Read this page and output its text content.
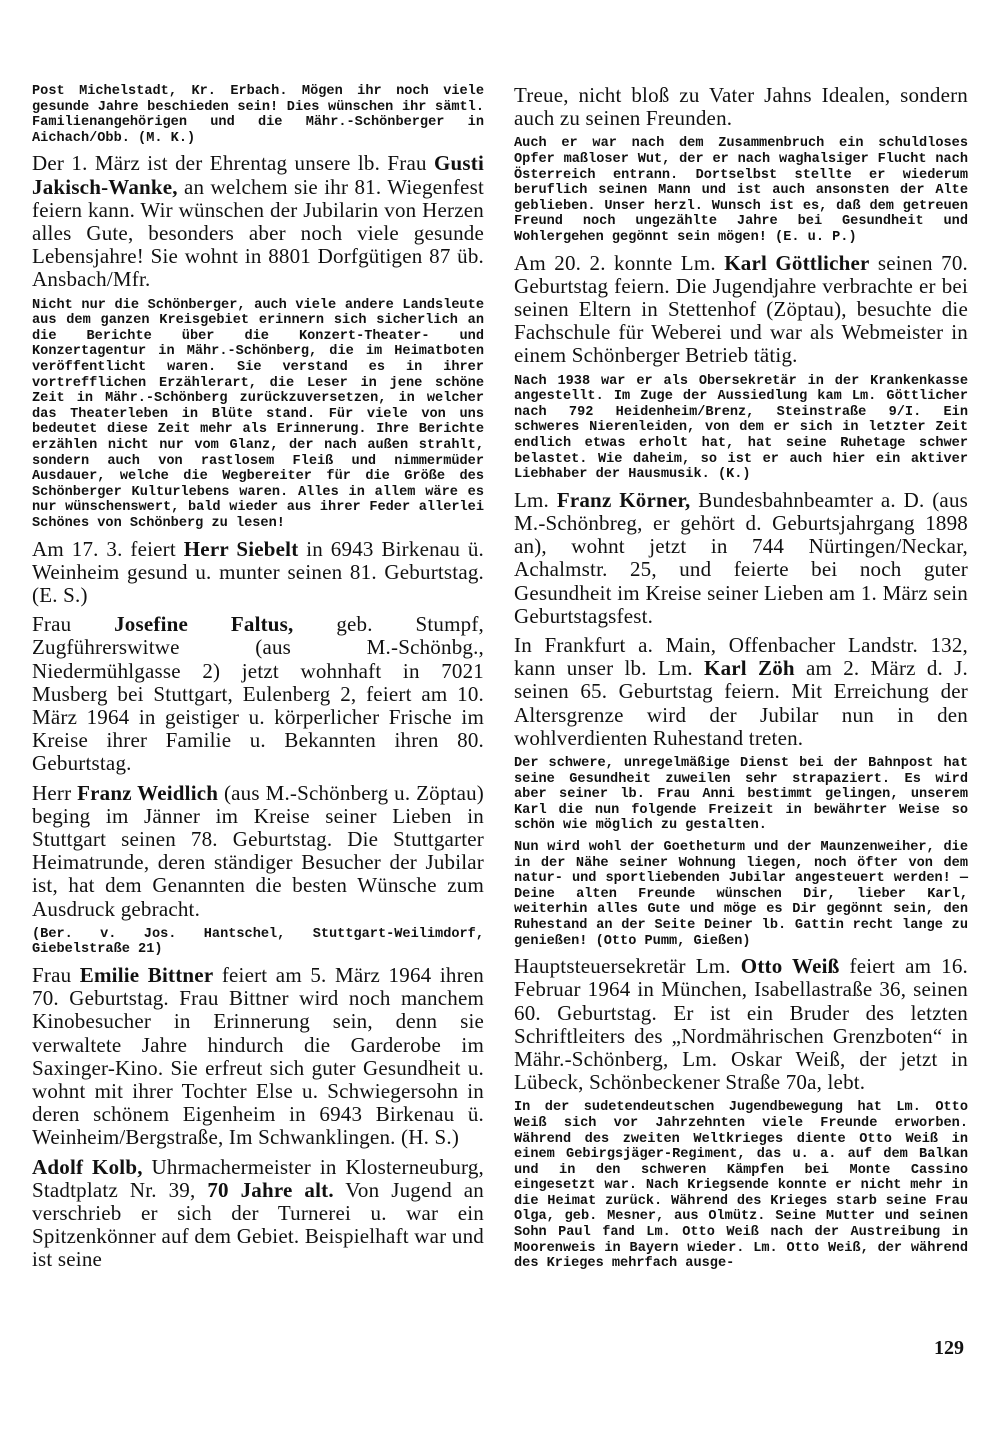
Post Michelstadt, Kr. Erbach. Mögen ihr noch viele gesunde Jahre beschieden sein! Dies wünschen ihr sämtl. Familienangehörigen und die Mähr.-Schönberger in Aichach/Obb. (M. K.)

Der 1. März ist der Ehrentag unsere lb. Frau Gusti Jakisch-Wanke, an welchem sie ihr 81. Wiegenfest feiern kann. Wir wünschen der Jubilarin von Herzen alles Gute, besonders aber noch viele gesunde Lebensjahre! Sie wohnt in 8801 Dorfgütigen 87 üb. Ansbach/Mfr.

Nicht nur die Schönberger, auch viele andere Landsleute aus dem ganzen Kreisgebiet erinnern sich sicherlich an die Berichte über die Konzert-Theater- und Konzertagentur in Mähr.-Schönberg, die im Heimatboten veröffentlicht waren. Sie verstand es in ihrer vortrefflichen Erzählerart, die Leser in jene schöne Zeit in Mähr.-Schönberg zurückzuversetzen, in welcher das Theaterleben in Blüte stand. Für viele von uns bedeutet diese Zeit mehr als Erinnerung. Ihre Berichte erzählen nicht nur vom Glanz, der nach außen strahlt, sondern auch von rastlosem Fleiß und nimmermüder Ausdauer, welche die Wegbereiter für die Größe des Schönberger Kulturlebens waren. Alles in allem wäre es nur wünschenswert, bald wieder aus ihrer Feder allerlei Schönes von Schönberg zu lesen!

Am 17. 3. feiert Herr Siebelt in 6943 Birkenau ü. Weinheim gesund u. munter seinen 81. Geburtstag. (E. S.)

Frau Josefine Faltus, geb. Stumpf, Zugführerswitwe (aus M.-Schönbg., Niedermühlgasse 2) jetzt wohnhaft in 7021 Musberg bei Stuttgart, Eulenberg 2, feiert am 10. März 1964 in geistiger u. körperlicher Frische im Kreise ihrer Familie u. Bekannten ihren 80. Geburtstag.

Herr Franz Weidlich (aus M.-Schönberg u. Zöptau) beging im Jänner im Kreise seiner Lieben in Stuttgart seinen 78. Geburtstag. Die Stuttgarter Heimatrunde, deren ständiger Besucher der Jubilar ist, hat dem Genannten die besten Wünsche zum Ausdruck gebracht.

(Ber. v. Jos. Hantschel, Stuttgart-Weilimdorf, Giebelstraße 21)

Frau Emilie Bittner feiert am 5. März 1964 ihren 70. Geburtstag. Frau Bittner wird noch manchem Kinobesucher in Erinnerung sein, denn sie verwaltete Jahre hindurch die Garderobe im Saxinger-Kino. Sie erfreut sich guter Gesundheit u. wohnt mit ihrer Tochter Else u. Schwiegersohn in deren schönem Eigenheim in 6943 Birkenau ü. Weinheim/Bergstraße, Im Schwanklingen. (H. S.)

Adolf Kolb, Uhrmachermeister in Klosterneuburg, Stadtplatz Nr. 39, 70 Jahre alt. Von Jugend an verschrieb er sich der Turnerei u. war ein Spitzenkönner auf dem Gebiet. Beispielhaft war und ist seine

Treue, nicht bloß zu Vater Jahns Idealen, sondern auch zu seinen Freunden.

Auch er war nach dem Zusammenbruch ein schuldloses Opfer maßloser Wut, der er nach waghalsiger Flucht nach Österreich entrann. Dortselbst stellte er wiederum beruflich seinen Mann und ist auch ansonsten der Alte geblieben. Unser herzl. Wunsch ist es, daß dem getreuen Freund noch ungezählte Jahre bei Gesundheit und Wohlergehen gegönnt sein mögen! (E. u. P.)

Am 20. 2. konnte Lm. Karl Göttlicher seinen 70. Geburtstag feiern. Die Jugendjahre verbrachte er bei seinen Eltern in Stettenhof (Zöptau), besuchte die Fachschule für Weberei und war als Webmeister in einem Schönberger Betrieb tätig.

Nach 1938 war er als Obersekretär in der Krankenkasse angestellt. Im Zuge der Aussiedlung kam Lm. Göttlicher nach 792 Heidenheim/Brenz, Steinstraße 9/I. Ein schweres Nierenleiden, von dem er sich in letzter Zeit endlich etwas erholt hat, hat seine Ruhetage schwer belastet. Wie daheim, so ist er auch hier ein aktiver Liebhaber der Hausmusik. (K.)

Lm. Franz Körner, Bundesbahnbeamter a. D. (aus M.-Schönbreg, er gehört d. Geburtsjahrgang 1898 an), wohnt jetzt in 744 Nürtingen/Neckar, Achalmstr. 25, und feierte bei noch guter Gesundheit im Kreise seiner Lieben am 1. März sein Geburtstagsfest.

In Frankfurt a. Main, Offenbacher Landstr. 132, kann unser lb. Lm. Karl Zöh am 2. März d. J. seinen 65. Geburtstag feiern. Mit Erreichung der Altersgrenze wird der Jubilar nun in den wohlverdienten Ruhestand treten.

Der schwere, unregelmäßige Dienst bei der Bahnpost hat seine Gesundheit zuweilen sehr strapaziert. Es wird aber seiner lb. Frau Anni bestimmt gelingen, unserem Karl die nun folgende Freizeit in bewährter Weise so schön wie möglich zu gestalten.

Nun wird wohl der Goetheturm und der Maunzenweiher, die in der Nähe seiner Wohnung liegen, noch öfter von dem natur- und sportliebenden Jubilar angesteuert werden! — Deine alten Freunde wünschen Dir, lieber Karl, weiterhin alles Gute und möge es Dir gegönnt sein, den Ruhestand an der Seite Deiner lb. Gattin recht lange zu genießen! (Otto Pumm, Gießen)

Hauptsteuersekretär Lm. Otto Weiß feiert am 16. Februar 1964 in München, Isabellastraße 36, seinen 60. Geburtstag. Er ist ein Bruder des letzten Schriftleiters des „Nordmährischen Grenzboten“ in Mähr.-Schönberg, Lm. Oskar Weiß, der jetzt in Lübeck, Schönbeckener Straße 70a, lebt.

In der sudetendeutschen Jugendbewegung hat Lm. Otto Weiß sich vor Jahrzehnten viele Freunde erworben. Während des zweiten Weltkrieges diente Otto Weiß in einem Gebirgsjäger-Regiment, das u. a. auf dem Balkan und in den schweren Kämpfen bei Monte Cassino eingesetzt war. Nach Kriegsende konnte er nicht mehr in die Heimat zurück. Während des Krieges starb seine Frau Olga, geb. Mesner, aus Olmütz. Seine Mutter und seinen Sohn Paul fand Lm. Otto Weiß nach der Austreibung in Moorenweis in Bayern wieder. Lm. Otto Weiß, der während des Krieges mehrfach ausge-

129
